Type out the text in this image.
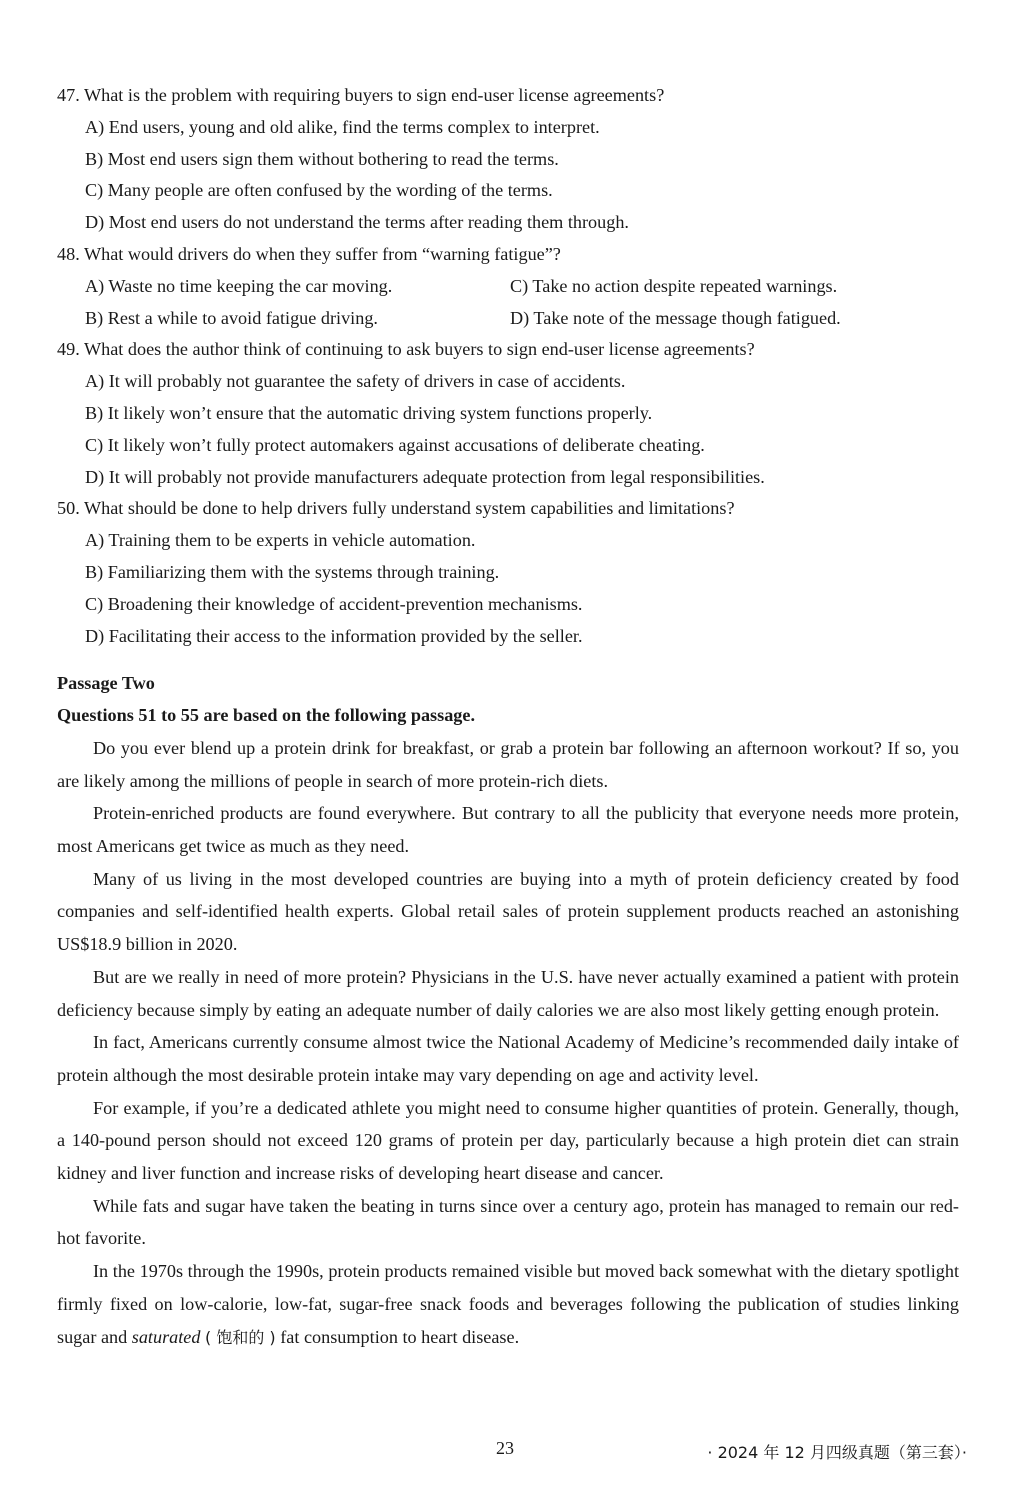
47. What is the problem with requiring buyers to sign end-user license agreements?
A) End users, young and old alike, find the terms complex to interpret.
B) Most end users sign them without bothering to read the terms.
C) Many people are often confused by the wording of the terms.
D) Most end users do not understand the terms after reading them through.
48. What would drivers do when they suffer from “warning fatigue”?
A) Waste no time keeping the car moving.	C) Take no action despite repeated warnings.
B) Rest a while to avoid fatigue driving.	D) Take note of the message though fatigued.
49. What does the author think of continuing to ask buyers to sign end-user license agreements?
A) It will probably not guarantee the safety of drivers in case of accidents.
B) It likely won’t ensure that the automatic driving system functions properly.
C) It likely won’t fully protect automakers against accusations of deliberate cheating.
D) It will probably not provide manufacturers adequate protection from legal responsibilities.
50. What should be done to help drivers fully understand system capabilities and limitations?
A) Training them to be experts in vehicle automation.
B) Familiarizing them with the systems through training.
C) Broadening their knowledge of accident-prevention mechanisms.
D) Facilitating their access to the information provided by the seller.
Passage Two
Questions 51 to 55 are based on the following passage.

Do you ever blend up a protein drink for breakfast, or grab a protein bar following an afternoon workout? If so, you are likely among the millions of people in search of more protein-rich diets.

Protein-enriched products are found everywhere. But contrary to all the publicity that everyone needs more protein, most Americans get twice as much as they need.

Many of us living in the most developed countries are buying into a myth of protein deficiency created by food companies and self-identified health experts. Global retail sales of protein supplement products reached an astonishing US$18.9 billion in 2020.

But are we really in need of more protein? Physicians in the U.S. have never actually examined a patient with protein deficiency because simply by eating an adequate number of daily calories we are also most likely getting enough protein.

In fact, Americans currently consume almost twice the National Academy of Medicine’s recommended daily intake of protein although the most desirable protein intake may vary depending on age and activity level.

For example, if you’re a dedicated athlete you might need to consume higher quantities of protein. Generally, though, a 140-pound person should not exceed 120 grams of protein per day, particularly because a high protein diet can strain kidney and liver function and increase risks of developing heart disease and cancer.

While fats and sugar have taken the beating in turns since over a century ago, protein has managed to remain our red-hot favorite.

In the 1970s through the 1990s, protein products remained visible but moved back somewhat with the dietary spotlight firmly fixed on low-calorie, low-fat, sugar-free snack foods and beverages following the publication of studies linking sugar and saturated ( 饱和的 ) fat consumption to heart disease.

23	· 2024 年 12 月四级真题（第三套）·
